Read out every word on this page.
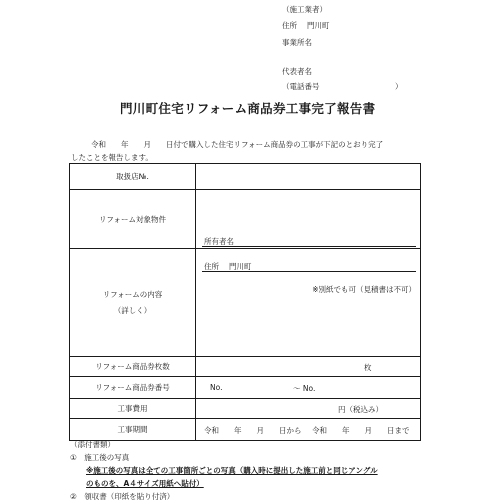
（施工業者）
住所 門川町
事業所名
代表者名
（電話番号	）
門川町住宅リフォーム商品券工事完了報告書
令和　　年　　月　　日付で購入した住宅リフォーム商品券の工事が下記のとおり完了
したことを報告します。
取扱店№.	
リフォーム対象物件	所有者名
住所 門川町

リフォームの内容
（詳しく）	※別紙でも可（見積書は不可）

リフォーム商品券枚数	枚

リフォーム商品券番号	No. ～ No.

工事費用	円（税込み）

工事期間	令和　　年　　月　　日から 令和　　年　　月　　日まで
（添付書類）
①　施工後の写真
※施工後の写真は全ての工事箇所ごとの写真（購入時に提出した施工前と同じアングル
のものを、A４サイズ用紙へ貼付）
②　領収書（印紙を貼り付済）
